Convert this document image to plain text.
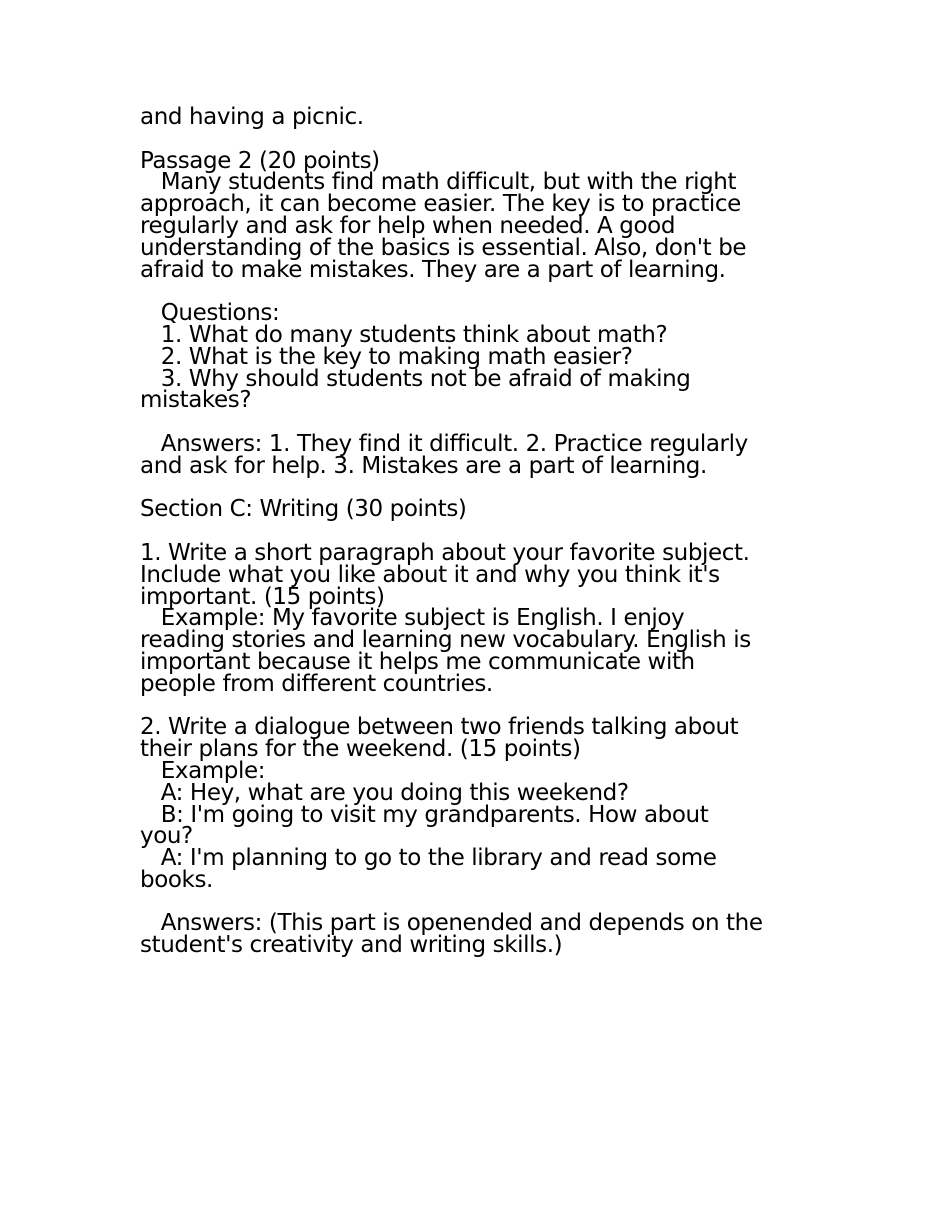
and having a picnic.
Passage 2 (20 points)
Many students find math difficult, but with the right
approach, it can become easier. The key is to practice
regularly and ask for help when needed. A good
understanding of the basics is essential. Also, don't be
afraid to make mistakes. They are a part of learning.
Questions:
1. What do many students think about math?
2. What is the key to making math easier?
3. Why should students not be afraid of making
mistakes?
Answers: 1. They find it difficult. 2. Practice regularly
and ask for help. 3. Mistakes are a part of learning.
Section C: Writing (30 points)
1. Write a short paragraph about your favorite subject.
Include what you like about it and why you think it's
important. (15 points)
Example: My favorite subject is English. I enjoy
reading stories and learning new vocabulary. English is
important because it helps me communicate with
people from different countries.
2. Write a dialogue between two friends talking about
their plans for the weekend. (15 points)
Example:
A: Hey, what are you doing this weekend?
B: I'm going to visit my grandparents. How about
you?
A: I'm planning to go to the library and read some
books.
Answers: (This part is openended and depends on the
student's creativity and writing skills.)
